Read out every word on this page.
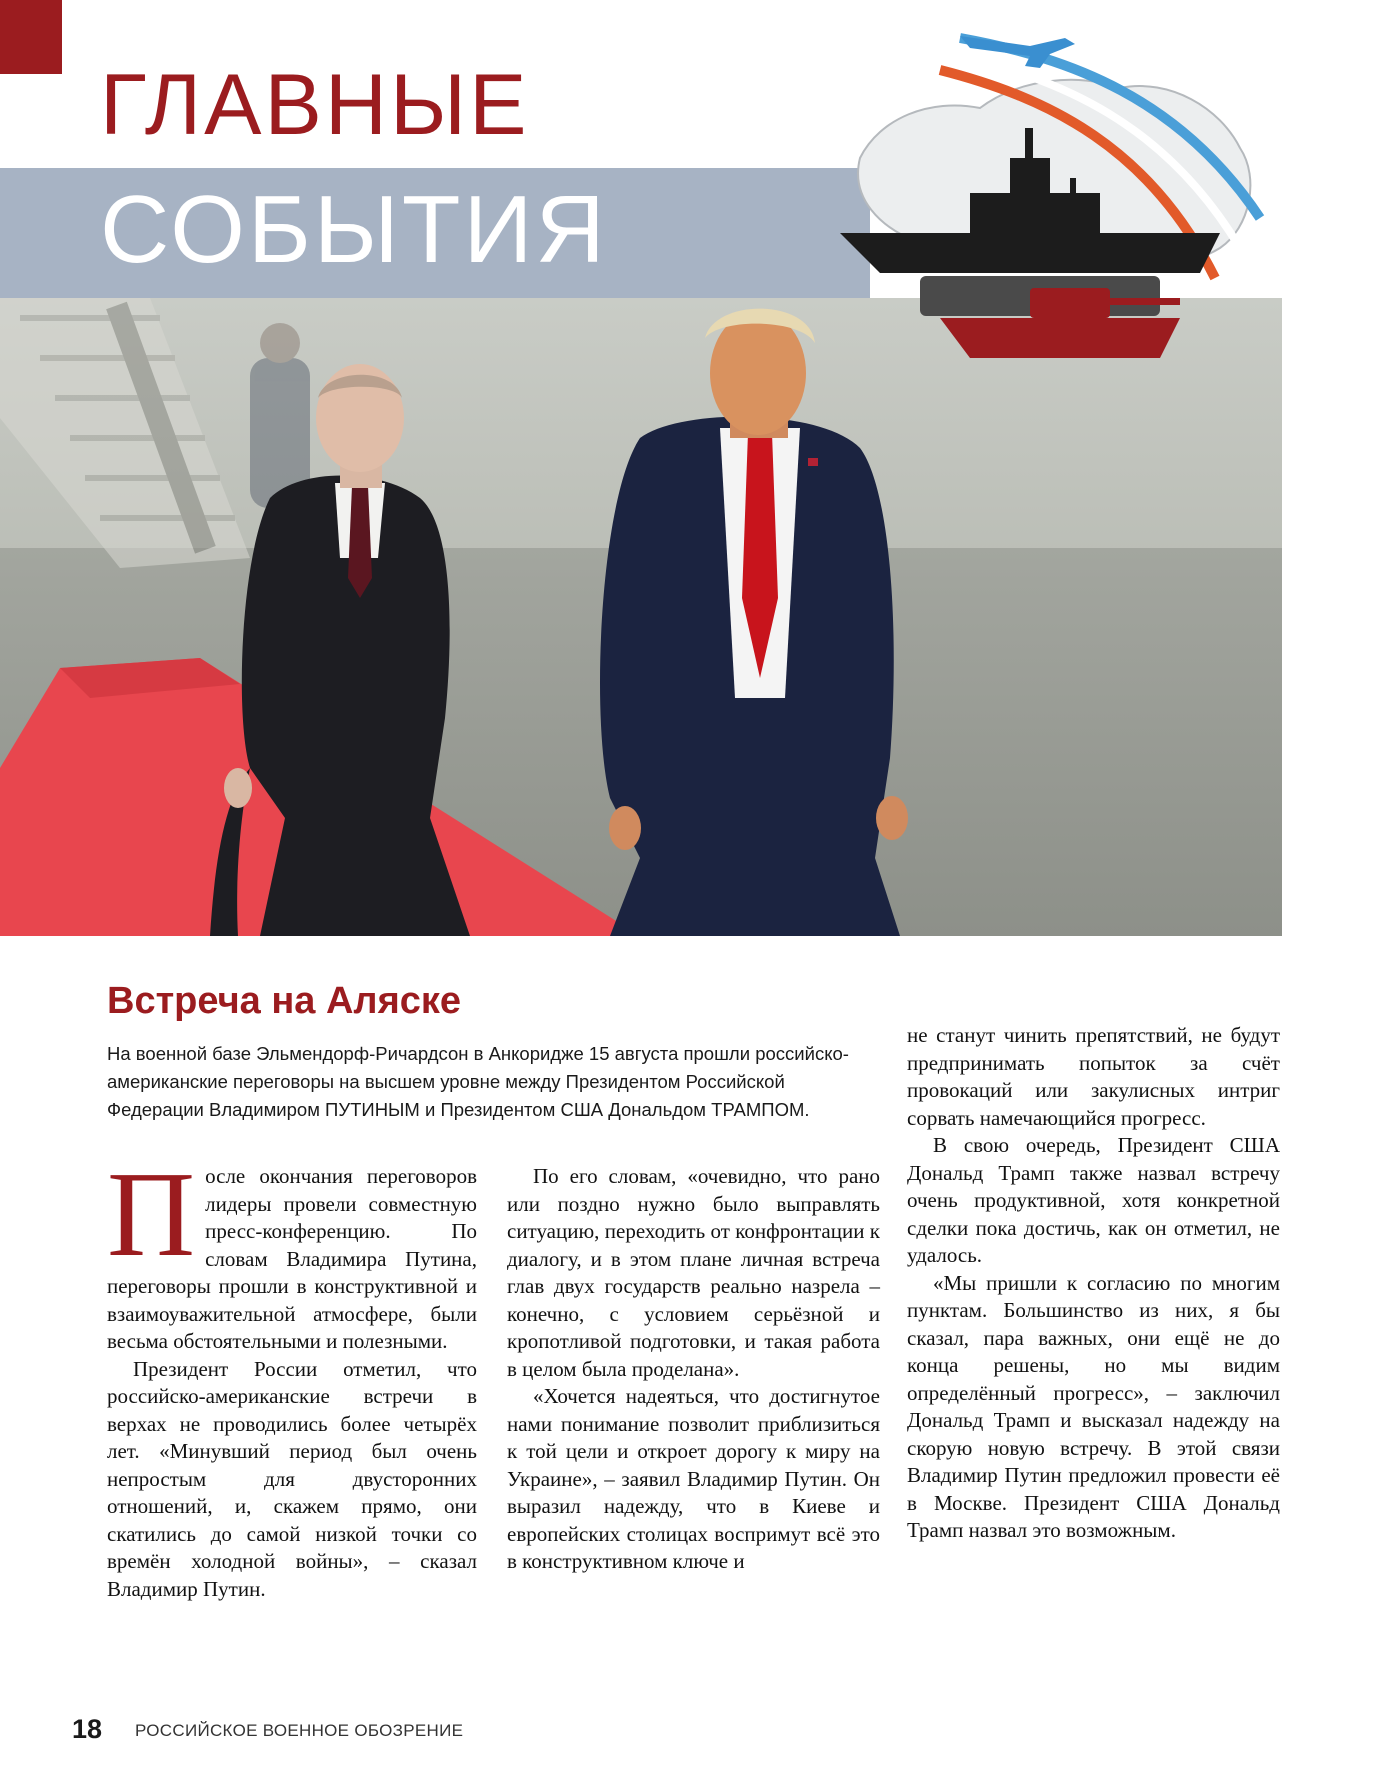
ГЛАВНЫЕ
СОБЫТИЯ
Встреча на Аляске

На военной базе Эльмендорф-Ричардсон в Анкоридже 15 августа прошли российско-американские переговоры на высшем уровне между Президентом Российской Федерации Владимиром ПУТИНЫМ и Президентом США Дональдом ТРАМПОМ.

После окончания переговоров лидеры провели совместную пресс-конференцию. По словам Владимира Путина, переговоры прошли в конструктивной и взаимоуважительной атмосфере, были весьма обстоятельными и полезными.

Президент России отметил, что российско-американские встречи в верхах не проводились более четырёх лет. «Минувший период был очень непростым для двусторонних отношений, и, скажем прямо, они скатились до самой низкой точки со времён холодной войны», – сказал Владимир Путин.

По его словам, «очевидно, что рано или поздно нужно было выправлять ситуацию, переходить от конфронтации к диалогу, и в этом плане личная встреча глав двух государств реально назрела – конечно, с условием серьёзной и кропотливой подготовки, и такая работа в целом была проделана».

«Хочется надеяться, что достигнутое нами понимание позволит приблизиться к той цели и откроет дорогу к миру на Украине», – заявил Владимир Путин. Он выразил надежду, что в Киеве и европейских столицах воспримут всё это в конструктивном ключе и

не станут чинить препятствий, не будут предпринимать попыток за счёт провокаций или закулисных интриг сорвать намечающийся прогресс.

В свою очередь, Президент США Дональд Трамп также назвал встречу очень продуктивной, хотя конкретной сделки пока достичь, как он отметил, не удалось.

«Мы пришли к согласию по многим пунктам. Большинство из них, я бы сказал, пара важных, они ещё не до конца решены, но мы видим определённый прогресс», – заключил Дональд Трамп и высказал надежду на скорую новую встречу. В этой связи Владимир Путин предложил провести её в Москве. Президент США Дональд Трамп назвал это возможным.

18 РОССИЙСКОЕ ВОЕННОЕ ОБОЗРЕНИЕ
